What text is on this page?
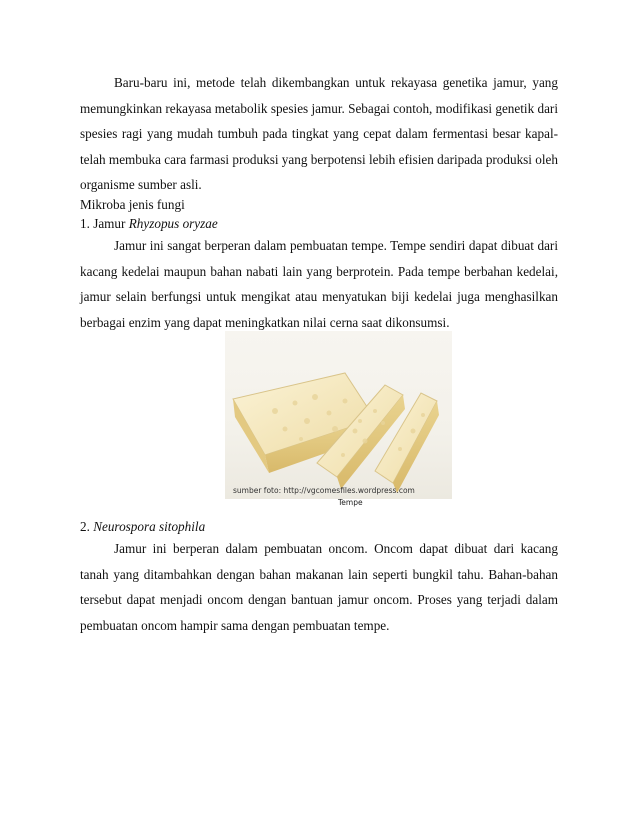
Baru-baru ini, metode telah dikembangkan untuk rekayasa genetika jamur, yang memungkinkan rekayasa metabolik spesies jamur. Sebagai contoh, modifikasi genetik dari spesies ragi yang mudah tumbuh pada tingkat yang cepat dalam fermentasi besar kapal-telah membuka cara farmasi produksi yang berpotensi lebih efisien daripada produksi oleh organisme sumber asli.

Mikroba jenis fungi

1. Jamur Rhyzopus oryzae

Jamur ini sangat berperan dalam pembuatan tempe. Tempe sendiri dapat dibuat dari kacang kedelai maupun bahan nabati lain yang berprotein. Pada tempe berbahan kedelai, jamur selain berfungsi untuk mengikat atau menyatukan biji kedelai juga menghasilkan berbagai enzim yang dapat meningkatkan nilai cerna saat dikonsumsi.

sumber foto: http://vgcomesfiles.wordpress.com
Tempe

2. Neurospora sitophila

Jamur ini berperan dalam pembuatan oncom. Oncom dapat dibuat dari kacang tanah yang ditambahkan dengan bahan makanan lain seperti bungkil tahu. Bahan-bahan tersebut dapat menjadi oncom dengan bantuan jamur oncom. Proses yang terjadi dalam pembuatan oncom hampir sama dengan pembuatan tempe.
